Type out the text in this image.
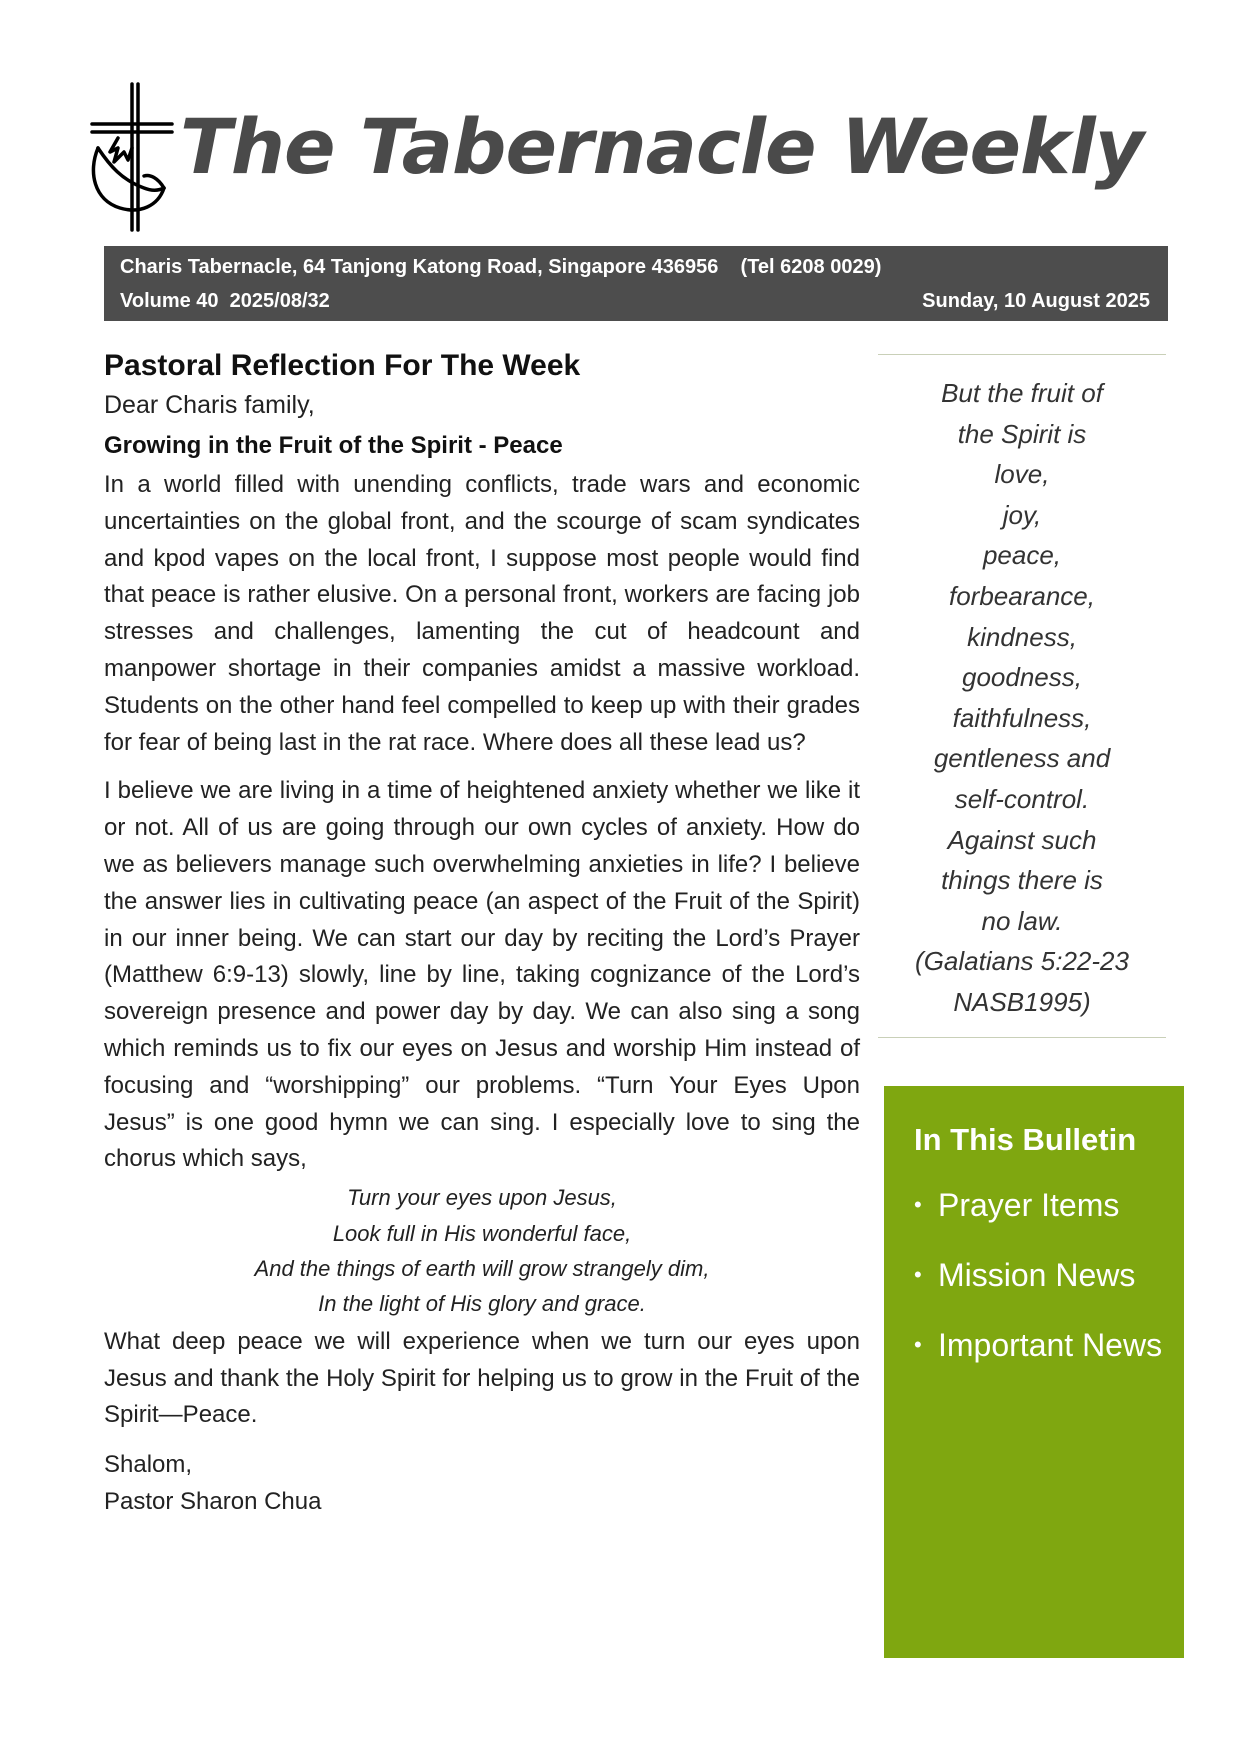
The Tabernacle Weekly
Charis Tabernacle, 64 Tanjong Katong Road, Singapore 436956    (Tel 6208 0029)
Volume 40  2025/08/32	Sunday, 10 August 2025
Pastoral Reflection For The Week

Dear Charis family,

Growing in the Fruit of the Spirit - Peace

In a world filled with unending conflicts, trade wars and economic uncertainties on the global front, and the scourge of scam syndicates and kpod vapes on the local front, I suppose most people would find that peace is rather elusive. On a personal front, workers are facing job stresses and challenges, lamenting the cut of headcount and manpower shortage in their companies amidst a massive workload. Students on the other hand feel compelled to keep up with their grades for fear of being last in the rat race. Where does all these lead us?

I believe we are living in a time of heightened anxiety whether we like it or not. All of us are going through our own cycles of anxiety. How do we as believers manage such overwhelming anxieties in life? I believe the answer lies in cultivating peace (an aspect of the Fruit of the Spirit) in our inner being. We can start our day by reciting the Lord’s Prayer (Matthew 6:9-13) slowly, line by line, taking cognizance of the Lord’s sovereign presence and power day by day. We can also sing a song which reminds us to fix our eyes on Jesus and worship Him instead of focusing and “worshipping” our problems. “Turn Your Eyes Upon Jesus” is one good hymn we can sing. I especially love to sing the chorus which says,

Turn your eyes upon Jesus,
Look full in His wonderful face,
And the things of earth will grow strangely dim,
In the light of His glory and grace.

What deep peace we will experience when we turn our eyes upon Jesus and thank the Holy Spirit for helping us to grow in the Fruit of the Spirit—Peace.

Shalom,
Pastor Sharon Chua
But the fruit of
the Spirit is
love,
joy,
peace,
forbearance,
kindness,
goodness,
faithfulness,
gentleness and
self-control.
Against such
things there is
no law.
(Galatians 5:22-23
NASB1995)
In This Bulletin
• Prayer Items
• Mission News
• Important News
